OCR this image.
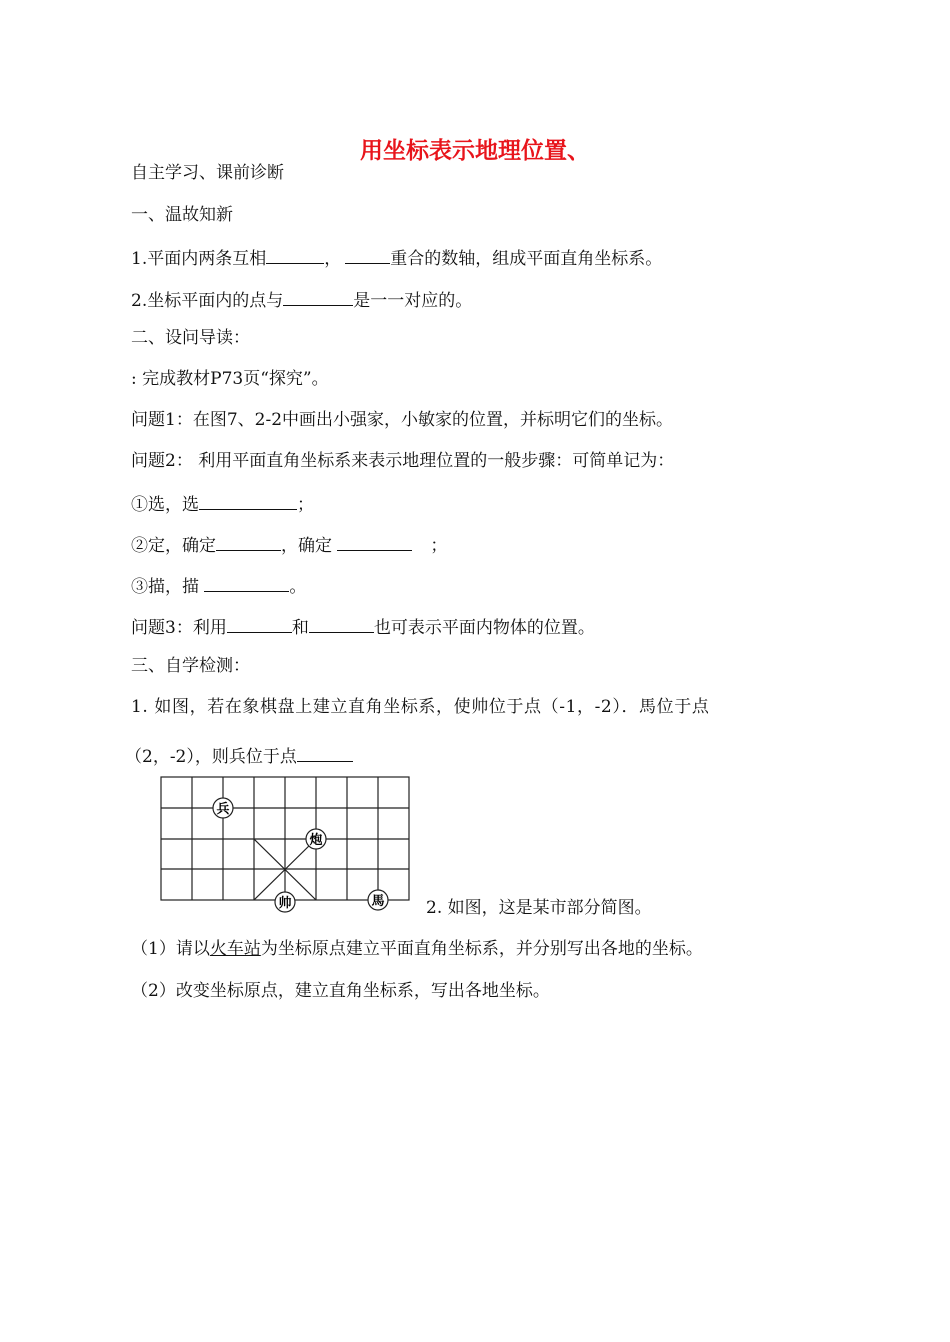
用坐标表示地理位置、
自主学习、课前诊断
一、温故知新
1.平面内两条互相	，	重合的数轴，组成平面直角坐标系。
2.坐标平面内的点与	是一一对应的。
二、设问导读：
: 完成教材P73页“探究”。
问题1：在图7、2-2中画出小强家，小敏家的位置，并标明它们的坐标。
问题2： 利用平面直角坐标系来表示地理位置的一般步骤：可简单记为：
①选，选	；
②定，确定	，确定	；
③描，描	。
问题3：利用	和	也可表示平面内物体的位置。
三、自学检测：
1. 如图，若在象棋盘上建立直角坐标系，使帅位于点（-1，-2）．馬位于点
（2，-2），则兵位于点
兵
炮
帅	馬 2. 如图，这是某市部分简图。
（1）请以火车站为坐标原点建立平面直角坐标系，并分别写出各地的坐标。
（2）改变坐标原点，建立直角坐标系，写出各地坐标。
